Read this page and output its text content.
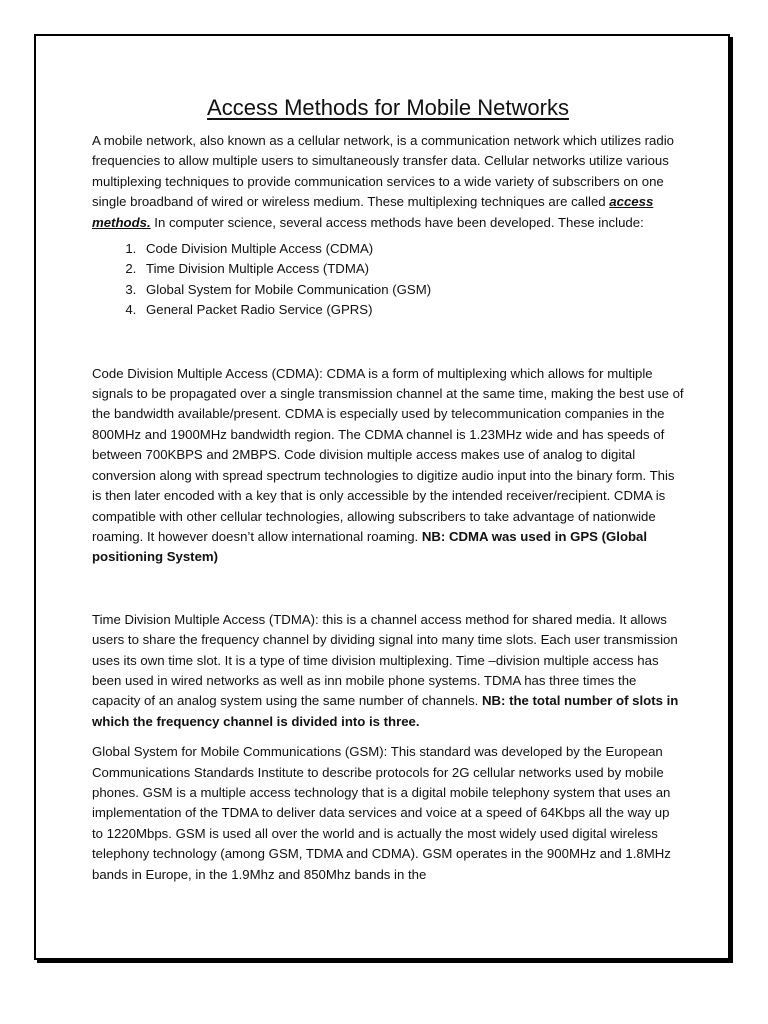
Access Methods for Mobile Networks

A mobile network, also known as a cellular network, is a communication network which utilizes radio frequencies to allow multiple users to simultaneously transfer data. Cellular networks utilize various multiplexing techniques to provide communication services to a wide variety of subscribers on one single broadband of wired or wireless medium. These multiplexing techniques are called access methods. In computer science, several access methods have been developed. These include:

1. Code Division Multiple Access (CDMA)
2. Time Division Multiple Access (TDMA)
3. Global System for Mobile Communication (GSM)
4. General Packet Radio Service (GPRS)

Code Division Multiple Access (CDMA): CDMA is a form of multiplexing which allows for multiple signals to be propagated over a single transmission channel at the same time, making the best use of the bandwidth available/present. CDMA is especially used by telecommunication companies in the 800MHz and 1900MHz bandwidth region. The CDMA channel is 1.23MHz wide and has speeds of between 700KBPS and 2MBPS. Code division multiple access makes use of analog to digital conversion along with spread spectrum technologies to digitize audio input into the binary form. This is then later encoded with a key that is only accessible by the intended receiver/recipient. CDMA is compatible with other cellular technologies, allowing subscribers to take advantage of nationwide roaming. It however doesn’t allow international roaming. NB: CDMA was used in GPS (Global positioning System)

Time Division Multiple Access (TDMA): this is a channel access method for shared media. It allows users to share the frequency channel by dividing signal into many time slots. Each user transmission uses its own time slot. It is a type of time division multiplexing. Time –division multiple access has been used in wired networks as well as inn mobile phone systems. TDMA has three times the capacity of an analog system using the same number of channels. NB: the total number of slots in which the frequency channel is divided into is three.

Global System for Mobile Communications (GSM): This standard was developed by the European Communications Standards Institute to describe protocols for 2G cellular networks used by mobile phones. GSM is a multiple access technology that is a digital mobile telephony system that uses an implementation of the TDMA to deliver data services and voice at a speed of 64Kbps all the way up to 1220Mbps. GSM is used all over the world and is actually the most widely used digital wireless telephony technology (among GSM, TDMA and CDMA). GSM operates in the 900MHz and 1.8MHz bands in Europe, in the 1.9Mhz and 850Mhz bands in the
